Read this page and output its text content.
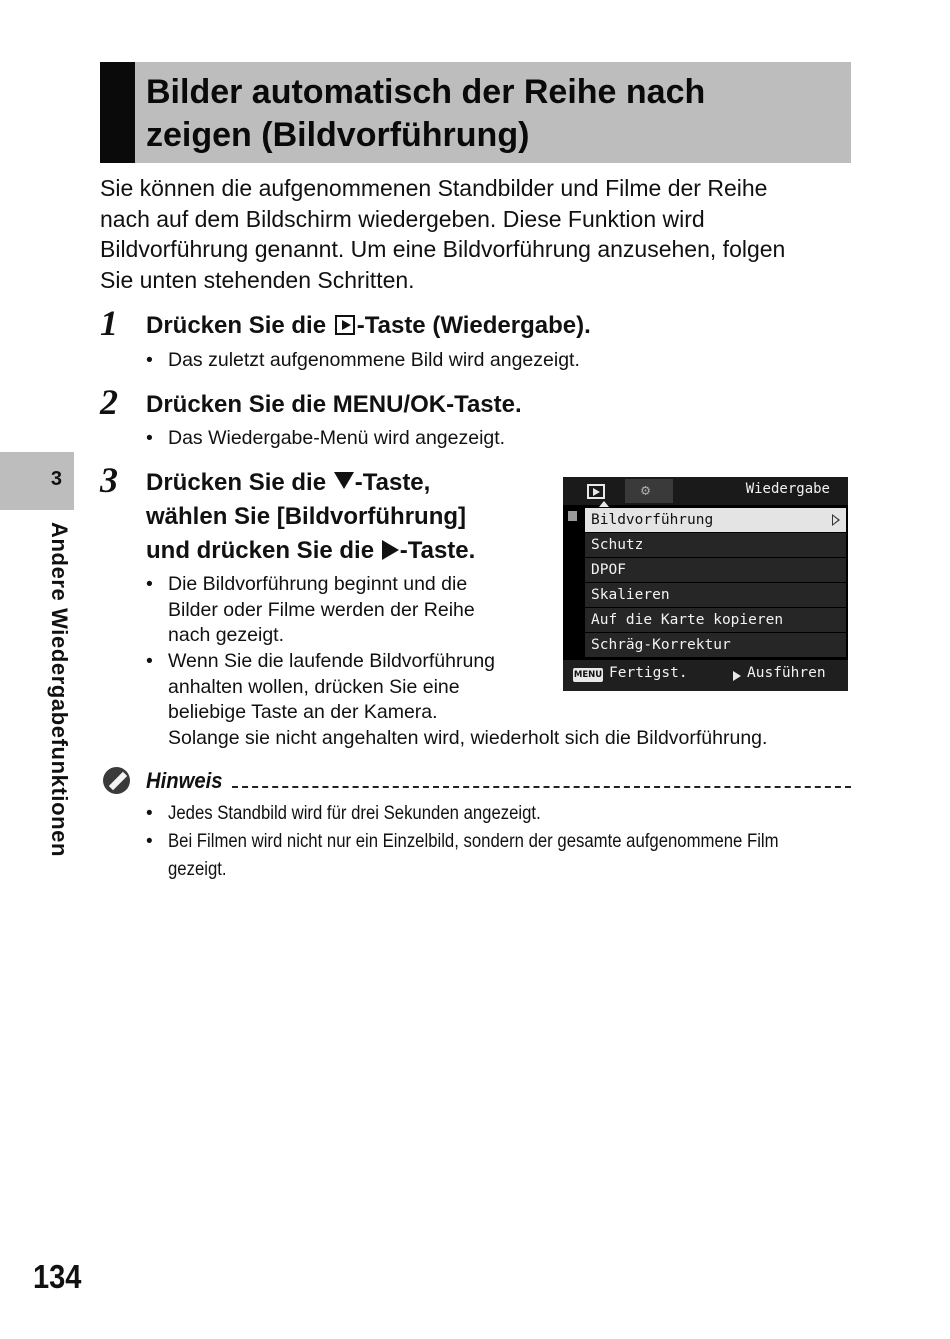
Bilder automatisch der Reihe nach
zeigen (Bildvorführung)
Sie können die aufgenommenen Standbilder und Filme der Reihe
nach auf dem Bildschirm wiedergeben. Diese Funktion wird
Bildvorführung genannt. Um eine Bildvorführung anzusehen, folgen
Sie unten stehenden Schritten.
1 Drücken Sie die -Taste (Wiedergabe).
• Das zuletzt aufgenommene Bild wird angezeigt.
2 Drücken Sie die MENU/OK-Taste.
• Das Wiedergabe-Menü wird angezeigt.
3 Drücken Sie die -Taste,
wählen Sie [Bildvorführung]
und drücken Sie die -Taste.
• Die Bildvorführung beginnt und die
Bilder oder Filme werden der Reihe
nach gezeigt.
• Wenn Sie die laufende Bildvorführung
anhalten wollen, drücken Sie eine
beliebige Taste an der Kamera.
Solange sie nicht angehalten wird, wiederholt sich die Bildvorführung.
⚙	Wiedergabe
Bildvorführung
Schutz
DPOF
Skalieren
Auf die Karte kopieren
Schräg-Korrektur
MENU Fertigst.	Ausführen
3
Andere Wiedergabefunktionen	Hinweis
• Jedes Standbild wird für drei Sekunden angezeigt.
• Bei Filmen wird nicht nur ein Einzelbild, sondern der gesamte aufgenommene Film
gezeigt.
134
